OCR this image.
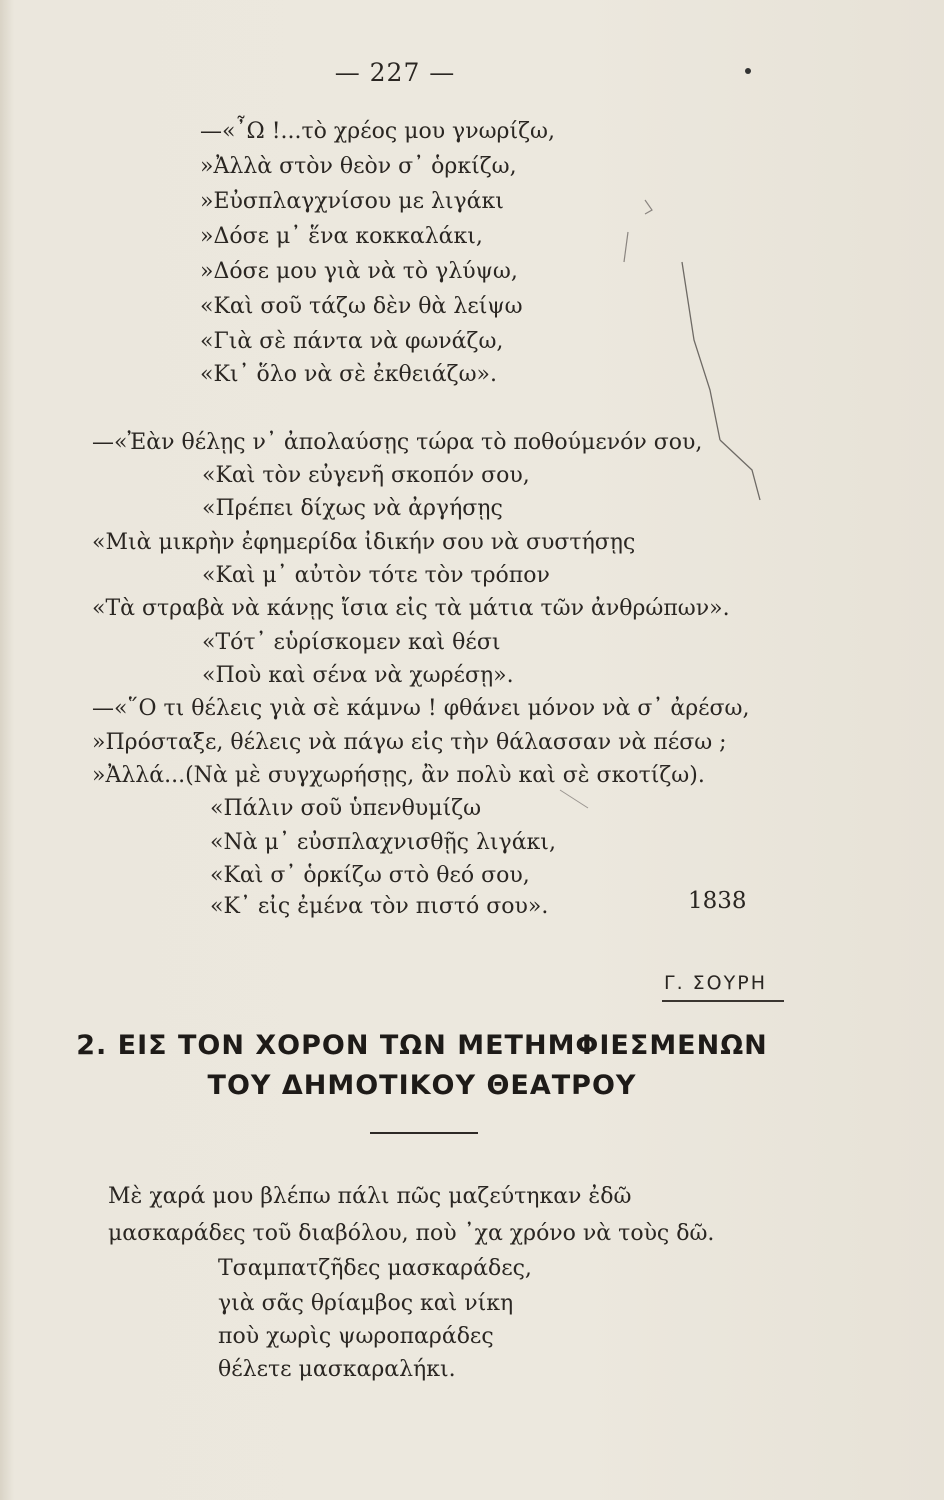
— 227 —
—«῏Ω !...τὸ χρέος μου γνωρίζω,
»Ἀλλὰ στὸν θεὸν σ᾿ ὁρκίζω,
»Εὐσπλαγχνίσου με λιγάκι
»Δόσε μ᾿ ἕνα κοκκαλάκι,
»Δόσε μου γιὰ νὰ τὸ γλύψω,
«Καὶ σοῦ τάζω δὲν θὰ λείψω
«Γιὰ σὲ πάντα νὰ φωνάζω,
«Κι᾿ ὅλο νὰ σὲ ἐκθειάζω».
—«Ἐὰν θέλῃς ν᾿ ἀπολαύσῃς τώρα τὸ ποθούμενόν σου,
«Καὶ τὸν εὐγενῆ σκοπόν σου,
«Πρέπει δίχως νὰ ἀργήσῃς
«Μιὰ μικρὴν ἐφημερίδα ἰδικήν σου νὰ συστήσῃς
«Καὶ μ᾿ αὐτὸν τότε τὸν τρόπον
«Τὰ στραβὰ νὰ κάνῃς ἴσια εἰς τὰ μάτια τῶν ἀνθρώπων».
«Τότ᾿ εὑρίσκομεν καὶ θέσι
«Ποὺ καὶ σένα νὰ χωρέσῃ».
—«῞Ο τι θέλεις γιὰ σὲ κάμνω ! φθάνει μόνον νὰ σ᾿ ἀρέσω,
»Πρόσταξε, θέλεις νὰ πάγω εἰς τὴν θάλασσαν νὰ πέσω ;
»Ἀλλά...(Νὰ μὲ συγχωρήσῃς, ἂν πολὺ καὶ σὲ σκοτίζω).
«Πάλιν σοῦ ὑπενθυμίζω
«Νὰ μ᾿ εὐσπλαχνισθῇς λιγάκι,
«Καὶ σ᾿ ὁρκίζω στὸ θεό σου,
«Κ᾿ εἰς ἐμένα τὸν πιστό σου».	1838
Γ. ΣΟΥΡΗ
2. ΕΙΣ ΤΟΝ ΧΟΡΟΝ ΤΩΝ ΜΕΤΗΜΦΙΕΣΜΕΝΩΝ
ΤΟΥ ΔΗΜΟΤΙΚΟΥ ΘΕΑΤΡΟΥ
Μὲ χαρά μου βλέπω πάλι πῶς μαζεύτηκαν ἐδῶ
μασκαράδες τοῦ διαβόλου, ποὺ ᾿χα χρόνο νὰ τοὺς δῶ.
Τσαμπατζῆδες μασκαράδες,
γιὰ σᾶς θρίαμβος καὶ νίκη
ποὺ χωρὶς ψωροπαράδες
θέλετε μασκαραλήκι.
